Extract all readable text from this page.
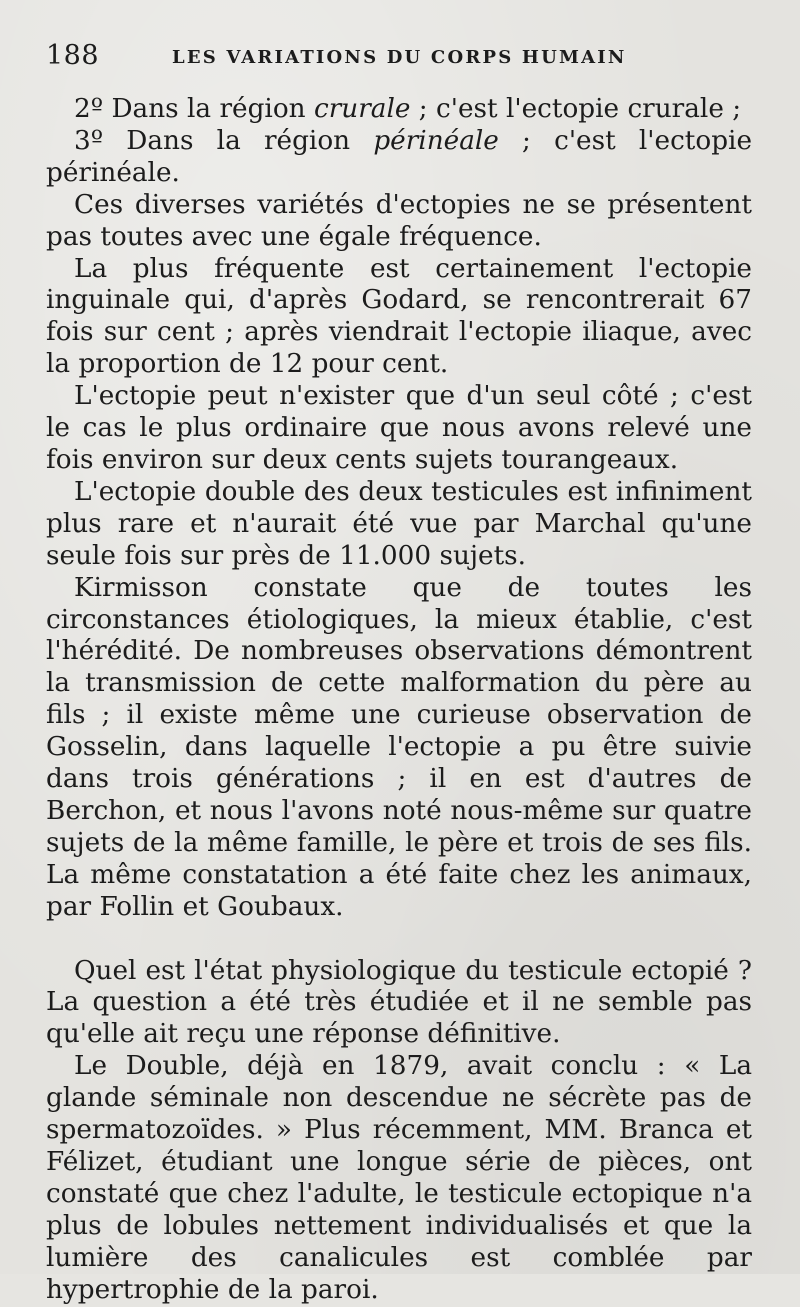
188	LES VARIATIONS DU CORPS HUMAIN

2º Dans la région crurale ; c'est l'ectopie crurale ;

3º Dans la région périnéale ; c'est l'ectopie périnéale.

Ces diverses variétés d'ectopies ne se présentent pas toutes avec une égale fréquence.

La plus fréquente est certainement l'ectopie inguinale qui, d'après Godard, se rencontrerait 67 fois sur cent ; après viendrait l'ectopie iliaque, avec la proportion de 12 pour cent.

L'ectopie peut n'exister que d'un seul côté ; c'est le cas le plus ordinaire que nous avons relevé une fois environ sur deux cents sujets tourangeaux.

L'ectopie double des deux testicules est infiniment plus rare et n'aurait été vue par Marchal qu'une seule fois sur près de 11.000 sujets.

Kirmisson constate que de toutes les circonstances étiologiques, la mieux établie, c'est l'hérédité. De nombreuses observations démontrent la transmission de cette malformation du père au fils ; il existe même une curieuse observation de Gosselin, dans laquelle l'ectopie a pu être suivie dans trois générations ; il en est d'autres de Berchon, et nous l'avons noté nous-même sur quatre sujets de la même famille, le père et trois de ses fils. La même constatation a été faite chez les animaux, par Follin et Goubaux.

Quel est l'état physiologique du testicule ectopié ? La question a été très étudiée et il ne semble pas qu'elle ait reçu une réponse définitive.

Le Double, déjà en 1879, avait conclu : « La glande séminale non descendue ne sécrète pas de spermatozoïdes. » Plus récemment, MM. Branca et Félizet, étudiant une longue série de pièces, ont constaté que chez l'adulte, le testicule ectopique n'a plus de lobules nettement individualisés et que la lumière des canalicules est comblée par hypertrophie de la paroi.
